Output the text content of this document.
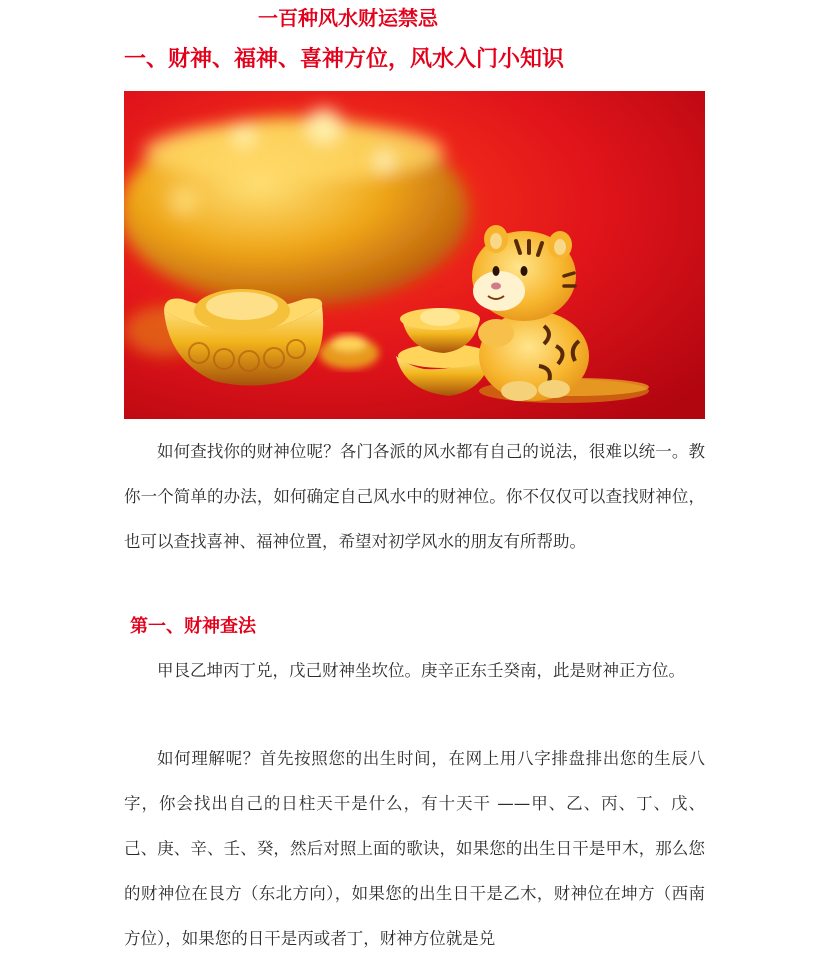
一百种风水财运禁忌
一、财神、福神、喜神方位，风水入门小知识

如何查找你的财神位呢？各门各派的风水都有自己的说法，很难以统一。教你一个简单的办法，如何确定自己风水中的财神位。你不仅仅可以查找财神位，也可以查找喜神、福神位置，希望对初学风水的朋友有所帮助。

第一、财神查法

甲艮乙坤丙丁兑，戊己财神坐坎位。庚辛正东壬癸南，此是财神正方位。

如何理解呢？首先按照您的出生时间，在网上用八字排盘排出您的生辰八字，你会找出自己的日柱天干是什么，有十天干 ——甲、乙、丙、丁、戊、己、庚、辛、壬、癸，然后对照上面的歌诀，如果您的出生日干是甲木，那么您的财神位在艮方（东北方向），如果您的出生日干是乙木，财神位在坤方（西南方位），如果您的日干是丙或者丁，财神方位就是兑
